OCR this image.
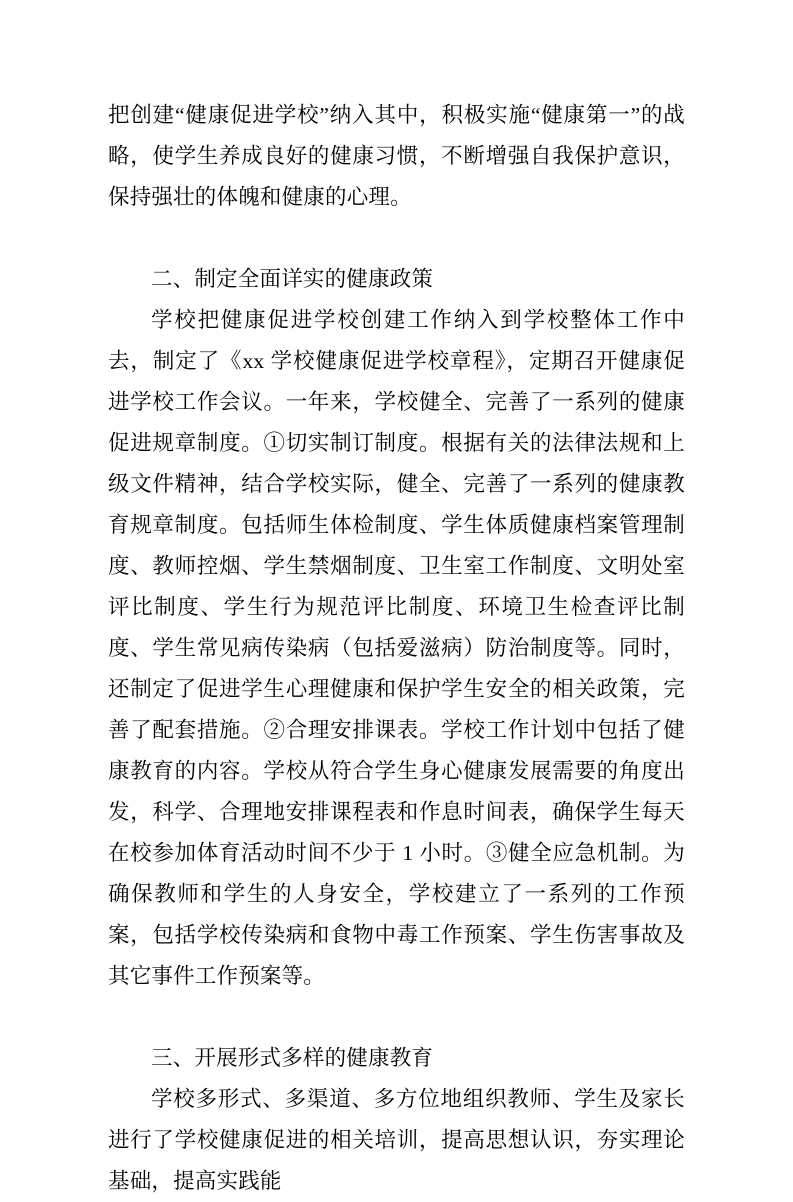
把创建“健康促进学校”纳入其中，积极实施“健康第一”的战略，使学生养成良好的健康习惯，不断增强自我保护意识，保持强壮的体魄和健康的心理。

二、制定全面详实的健康政策

学校把健康促进学校创建工作纳入到学校整体工作中去，制定了《xx 学校健康促进学校章程》，定期召开健康促进学校工作会议。一年来，学校健全、完善了一系列的健康促进规章制度。①切实制订制度。根据有关的法律法规和上级文件精神，结合学校实际，健全、完善了一系列的健康教育规章制度。包括师生体检制度、学生体质健康档案管理制度、教师控烟、学生禁烟制度、卫生室工作制度、文明处室评比制度、学生行为规范评比制度、环境卫生检查评比制度、学生常见病传染病（包括爱滋病）防治制度等。同时，还制定了促进学生心理健康和保护学生安全的相关政策，完善了配套措施。②合理安排课表。学校工作计划中包括了健康教育的内容。学校从符合学生身心健康发展需要的角度出发，科学、合理地安排课程表和作息时间表，确保学生每天在校参加体育活动时间不少于 1 小时。③健全应急机制。为确保教师和学生的人身安全，学校建立了一系列的工作预案，包括学校传染病和食物中毒工作预案、学生伤害事故及其它事件工作预案等。

三、开展形式多样的健康教育

学校多形式、多渠道、多方位地组织教师、学生及家长进行了学校健康促进的相关培训，提高思想认识，夯实理论基础，提高实践能
